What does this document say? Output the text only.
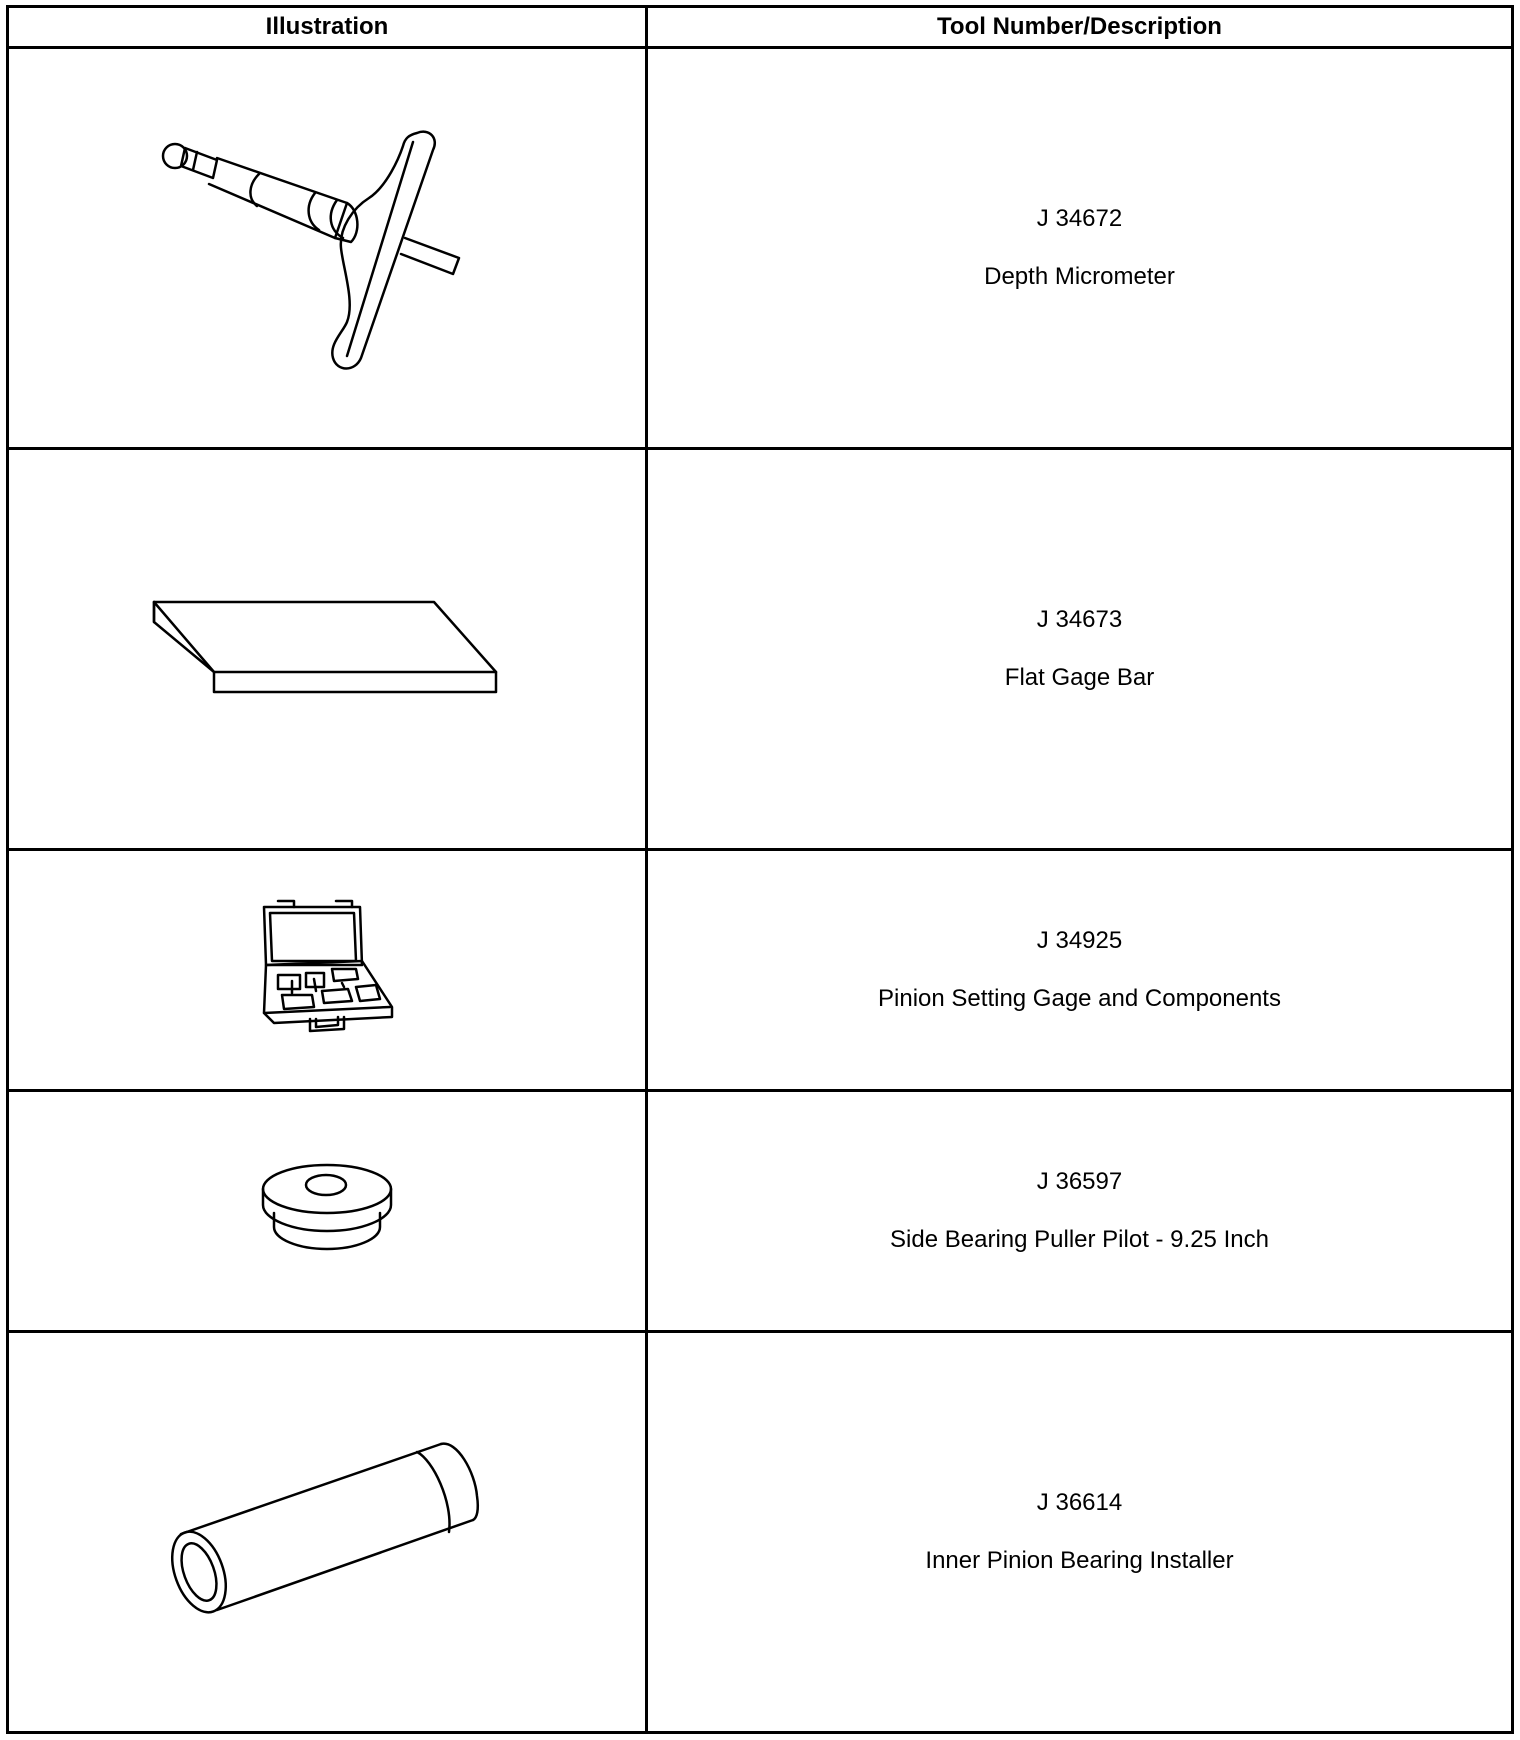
Illustration	Tool Number/Description

J 34672
Depth Micrometer

J 34673
Flat Gage Bar

J 34925
Pinion Setting Gage and Components

J 36597
Side Bearing Puller Pilot - 9.25 Inch

J 36614
Inner Pinion Bearing Installer
